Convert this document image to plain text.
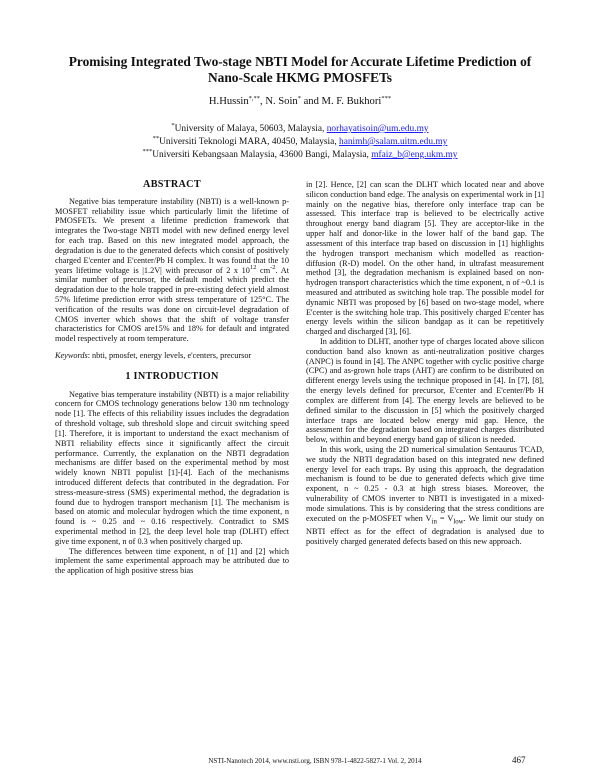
Promising Integrated Two-stage NBTI Model for Accurate Lifetime Prediction of
Nano-Scale HKMG PMOSFETs
H.Hussin*,**, N. Soin* and M. F. Bukhori***
*University of Malaya, 50603, Malaysia, norhayatisoin@um.edu.my
**Universiti Teknologi MARA, 40450, Malaysia, hanimh@salam.uitm.edu.my
***Universiti Kebangsaan Malaysia, 43600 Bangi, Malaysia, mfaiz_b@eng.ukm.my
ABSTRACT

Negative bias temperature instability (NBTI) is a well-known p-MOSFET reliability issue which particularly limit the lifetime of PMOSFETs. We present a lifetime prediction framework that integrates the Two-stage NBTI model with new defined energy level for each trap. Based on this new integrated model approach, the degradation is due to the generated defects which consist of positively charged E'center and E'center/Pb H complex. It was found that the 10 years lifetime voltage is |1.2V| with precusor of 2 x $10^{12}$ $cm^{-2}$. At similar number of precursor, the default model which predict the degradation due to the hole trapped in pre-existing defect yield almost 57% lifetime prediction error with stress temperature of 125°C. The verification of the results was done on circuit-level degradation of CMOS inverter which shows that the shift of voltage transfer characteristics for CMOS are15% and 18% for default and intgrated model respectively at room temperature.

Keywords: nbti, pmosfet, energy levels, e'centers, precursor

1 INTRODUCTION

Negative bias temperature instability (NBTI) is a major reliability concern for CMOS technology generations below 130 nm technology node [1]. The effects of this reliability issues includes the degradation of threshold voltage, sub threshold slope and circuit switching speed [1]. Therefore, it is important to understand the exact mechanism of NBTI reliability effects since it significantly affect the circuit performance. Currently, the explanation on the NBTI degradation mechanisms are differ based on the experimental method by most widely known NBTI populist [1]-[4]. Each of the mechanisms introduced different defects that contributed in the degradation. For stress-measure-stress (SMS) experimental method, the degradation is found due to hydrogen transport mechanism [1]. The mechanism is based on atomic and molecular hydrogen which the time exponent, n found is ~ 0.25 and ~ 0.16 respectively. Contradict to SMS experimental method in [2], the deep level hole trap (DLHT) effect give time exponent, n of 0.3 when positively charged up.

The differences between time exponent, n of [1] and [2] which implement the same experimental approach may be attributed due to the application of high positive stress bias

in [2]. Hence, [2] can scan the DLHT which located near and above silicon conduction band edge. The analysis on experimental work in [1] mainly on the negative bias, therefore only interface trap can be assessed. This interface trap is believed to be electrically active throughout energy band diagram [5]. They are acceptor-like in the upper half and donor-like in the lower half of the band gap. The assessment of this interface trap based on discussion in [1] highlights the hydrogen transport mechanism which modelled as reaction-diffusion (R-D) model. On the other hand, in ultrafast measurement method [3], the degradation mechanism is explained based on non-hydrogen transport characteristics which the time exponent, n of ~0.1 is measured and attributed as switching hole trap. The possible model for dynamic NBTI was proposed by [6] based on two-stage model, where E'center is the switching hole trap. This positively charged E'center has energy levels within the silicon bandgap as it can be repetitively charged and discharged [3], [6].

In addition to DLHT, another type of charges located above silicon conduction band also known as anti-neutralization positive charges (ANPC) is found in [4]. The ANPC together with cyclic positive charge (CPC) and as-grown hole traps (AHT) are confirm to be distributed on different energy levels using the technique proposed in [4]. In [7], [8], the energy levels defined for precursor, E'center and E'center/Pb H complex are different from [4]. The energy levels are believed to be defined similar to the discussion in [5] which the positively charged interface traps are located below energy mid gap. Hence, the assessment for the degradation based on integrated charges distributed below, within and beyond energy band gap of silicon is needed.

In this work, using the 2D numerical simulation Sentaurus TCAD, we study the NBTI degradation based on this integrated new defined energy level for each traps. By using this approach, the degradation mechanism is found to be due to generated defects which give time exponent, n ~ 0.25 - 0.3 at high stress biases. Moreover, the vulnerability of CMOS inverter to NBTI is investigated in a mixed-mode simulations. This is by considering that the stress conditions are executed on the p-MOSFET when $V_{in} = V_{low}$. We limit our study on NBTI effect as for the effect of degradation is analysed due to positively charged generated defects based on this new approach.

NSTI-Nanotech 2014, www.nsti.org, ISBN 978-1-4822-5827-1 Vol. 2, 2014	467
